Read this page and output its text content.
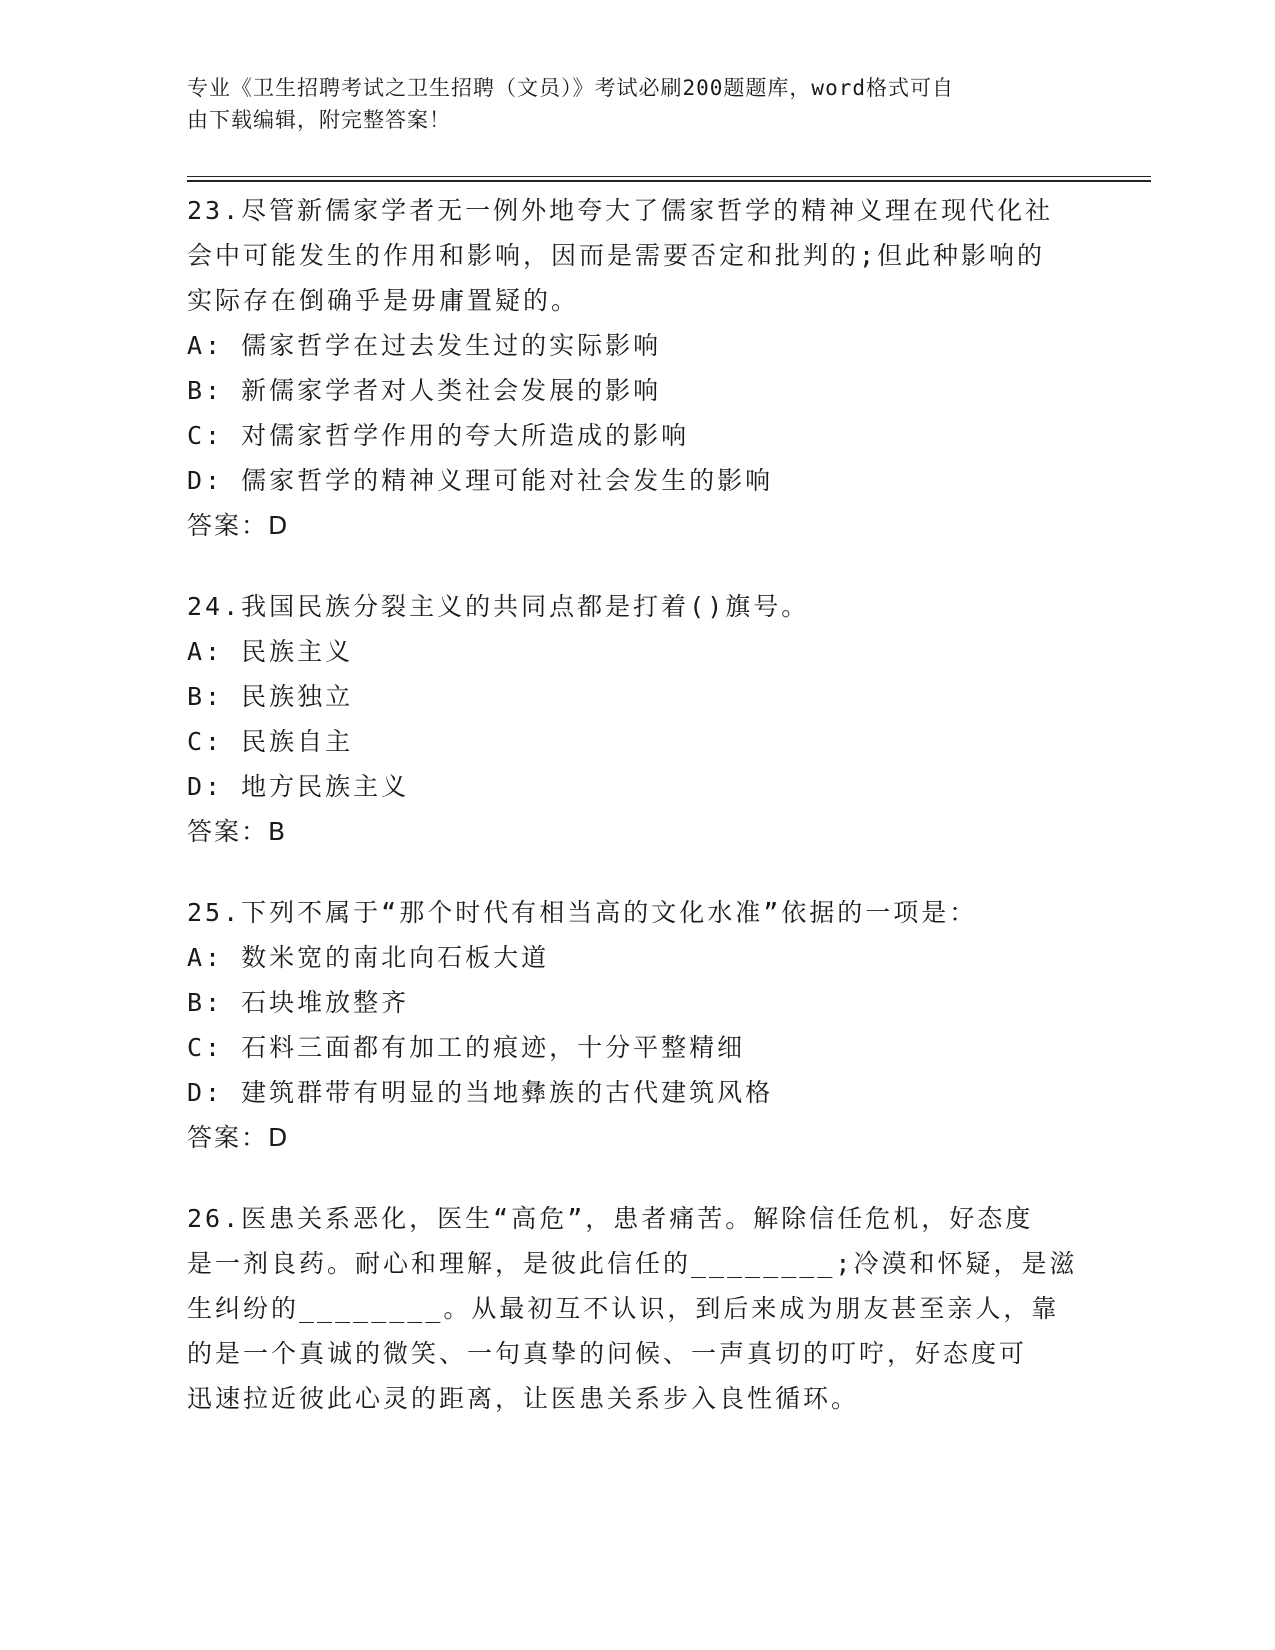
专业《卫生招聘考试之卫生招聘（文员）》考试必刷200题题库，word格式可自
由下载编辑，附完整答案！
23.尽管新儒家学者无一例外地夸大了儒家哲学的精神义理在现代化社
会中可能发生的作用和影响，因而是需要否定和批判的;但此种影响的
实际存在倒确乎是毋庸置疑的。
A: 儒家哲学在过去发生过的实际影响
B: 新儒家学者对人类社会发展的影响
C: 对儒家哲学作用的夸大所造成的影响
D: 儒家哲学的精神义理可能对社会发生的影响
答案：D
24.我国民族分裂主义的共同点都是打着()旗号。
A: 民族主义
B: 民族独立
C: 民族自主
D: 地方民族主义
答案：B
25.下列不属于“那个时代有相当高的文化水准”依据的一项是：
A: 数米宽的南北向石板大道
B: 石块堆放整齐
C: 石料三面都有加工的痕迹，十分平整精细
D: 建筑群带有明显的当地彝族的古代建筑风格
答案：D
26.医患关系恶化，医生“高危”，患者痛苦。解除信任危机，好态度
是一剂良药。耐心和理解，是彼此信任的________;冷漠和怀疑，是滋
生纠纷的________。从最初互不认识，到后来成为朋友甚至亲人，靠
的是一个真诚的微笑、一句真挚的问候、一声真切的叮咛，好态度可
迅速拉近彼此心灵的距离，让医患关系步入良性循环。
